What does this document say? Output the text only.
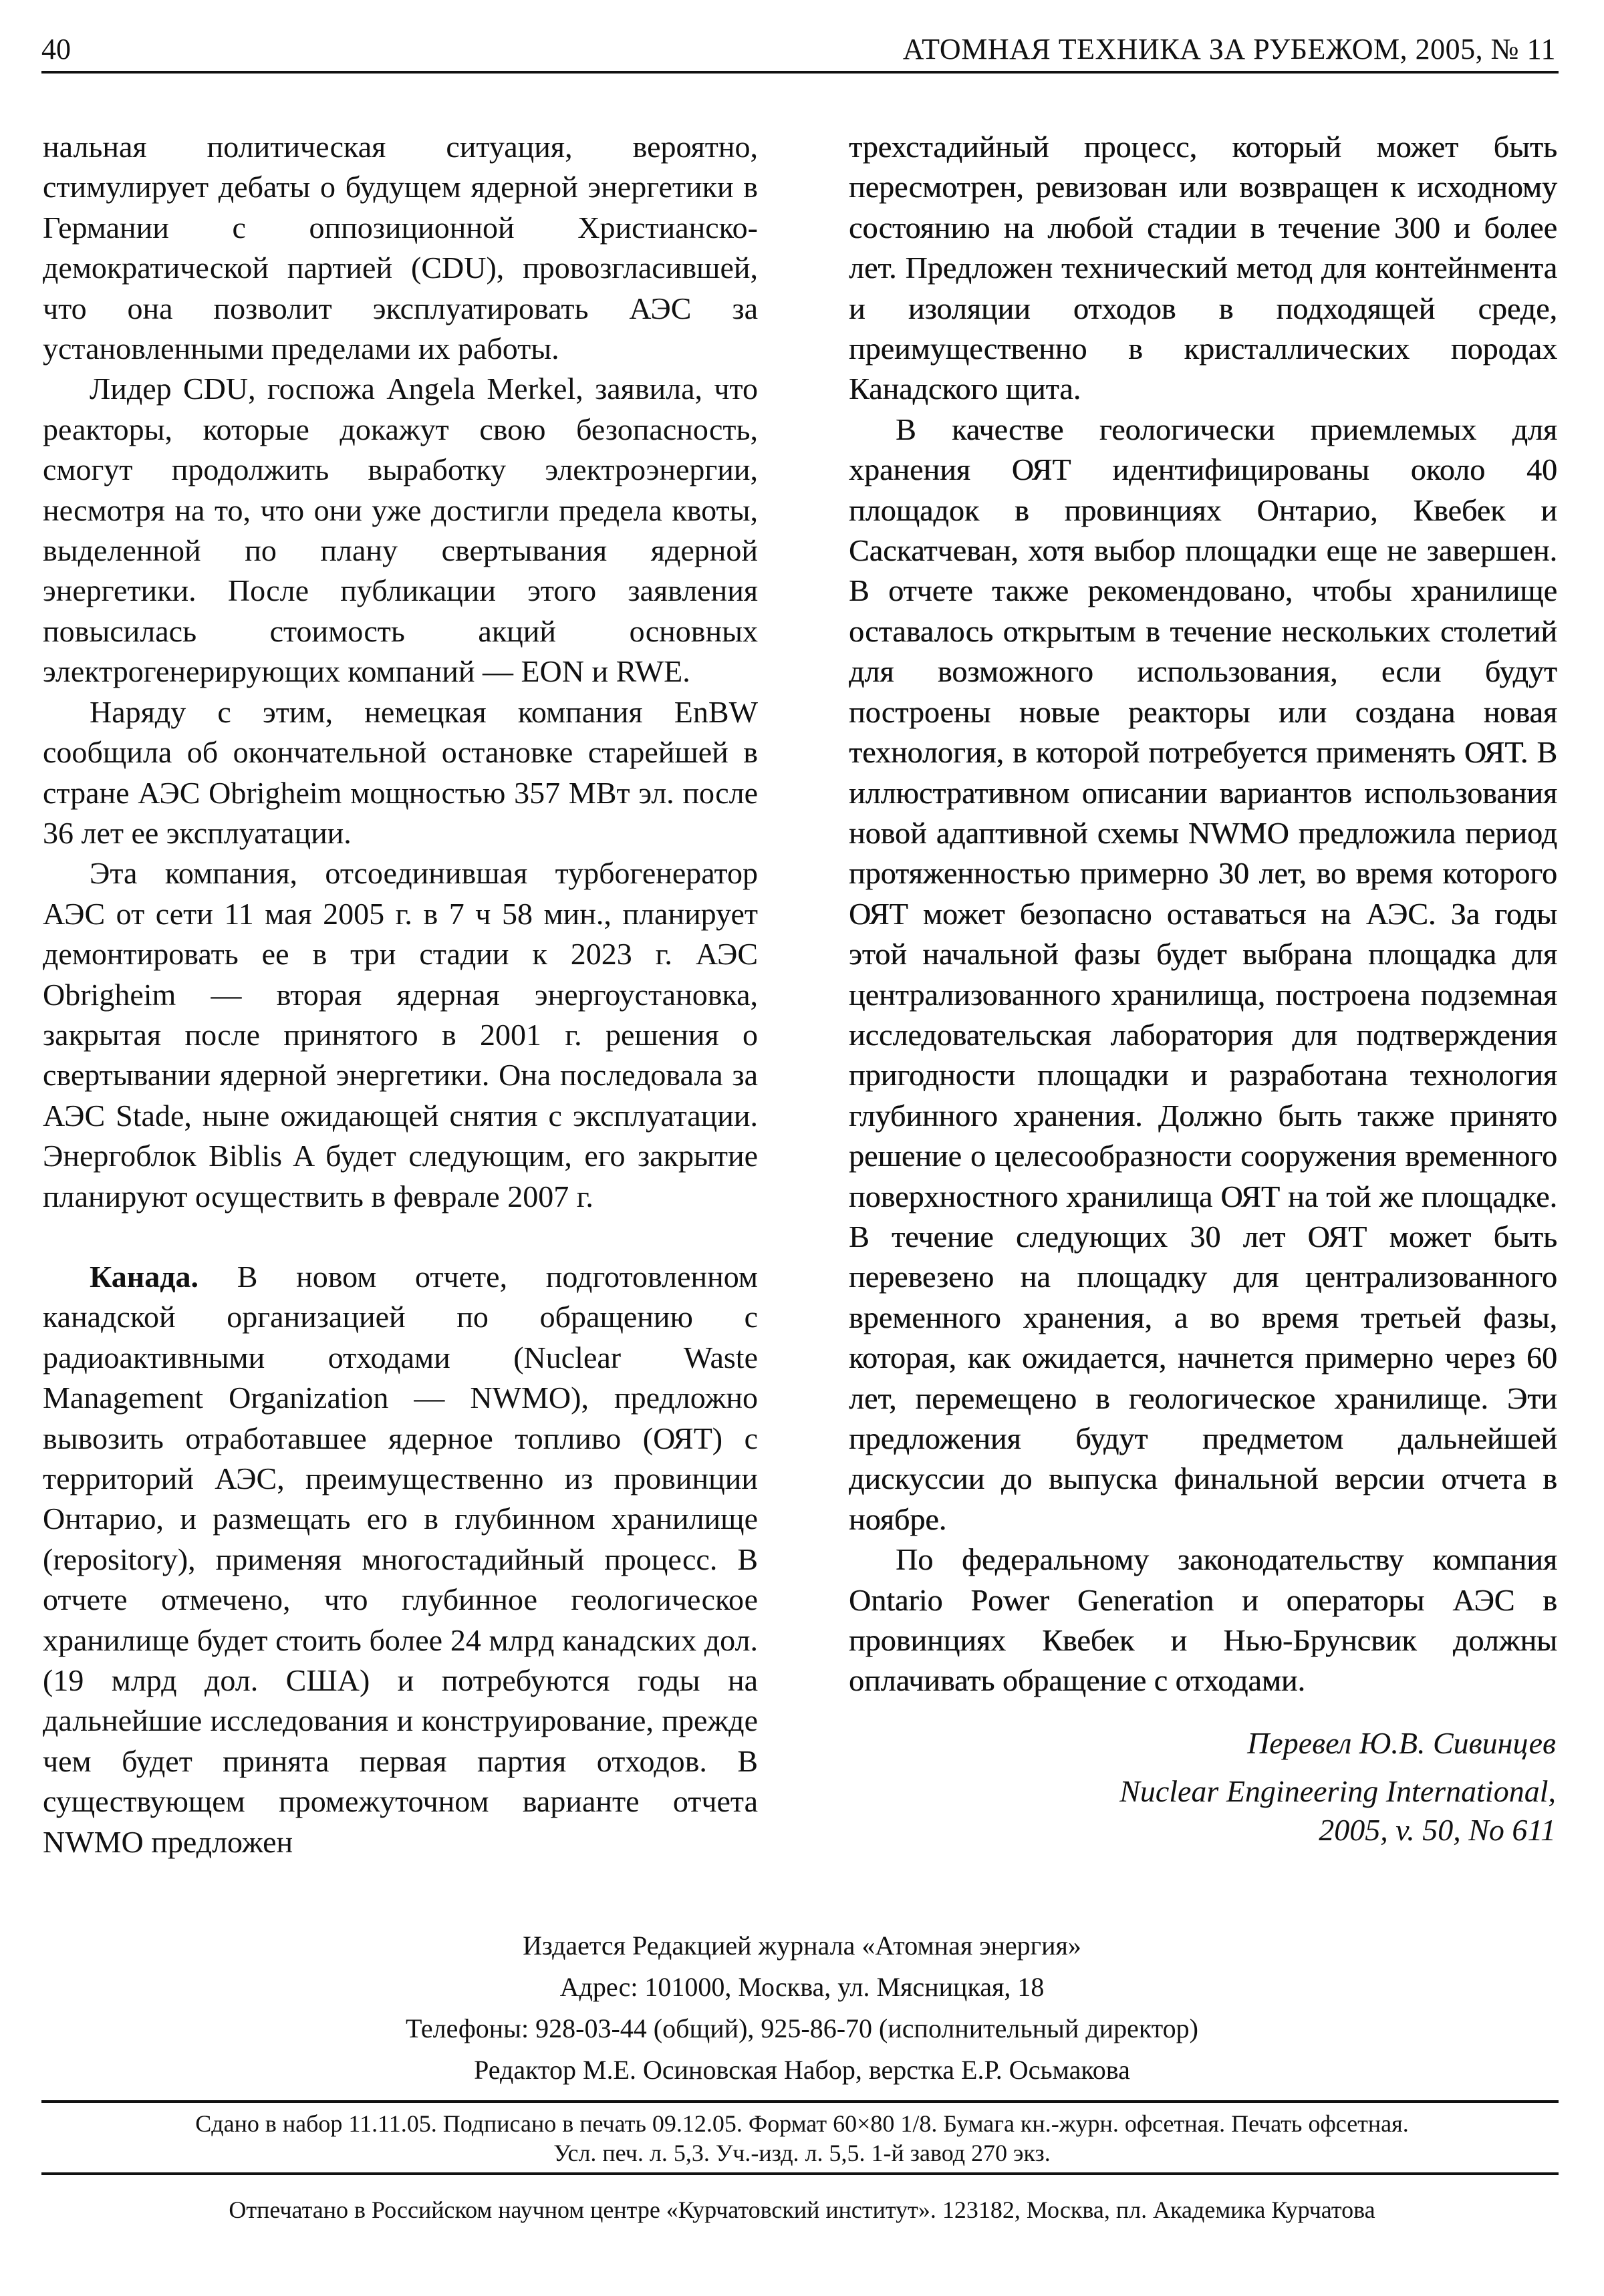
40	АТОМНАЯ ТЕХНИКА ЗА РУБЕЖОМ, 2005, № 11

нальная политическая ситуация, вероятно, стимулирует дебаты о будущем ядерной энергетики в Германии с оппозиционной Христианско-демократической партией (CDU), провозгласившей, что она позволит эксплуатировать АЭС за установленными пределами их работы.

Лидер CDU, госпожа Angela Merkel, заявила, что реакторы, которые докажут свою безопасность, смогут продолжить выработку электроэнергии, несмотря на то, что они уже достигли предела квоты, выделенной по плану свертывания ядерной энергетики. После публикации этого заявления повысилась стоимость акций основных электрогенерирующих компаний — EON и RWE.

Наряду с этим, немецкая компания EnBW сообщила об окончательной остановке старейшей в стране АЭС Obrigheim мощностью 357 МВт эл. после 36 лет ее эксплуатации.

Эта компания, отсоединившая турбогенератор АЭС от сети 11 мая 2005 г. в 7 ч 58 мин., планирует демонтировать ее в три стадии к 2023 г. АЭС Obrigheim — вторая ядерная энергоустановка, закрытая после принятого в 2001 г. решения о свертывании ядерной энергетики. Она последовала за АЭС Stade, ныне ожидающей снятия с эксплуатации. Энергоблок Biblis A будет следующим, его закрытие планируют осуществить в феврале 2007 г.

Канада. В новом отчете, подготовленном канадской организацией по обращению с радиоактивными отходами (Nuclear Waste Management Organization — NWMO), предложно вывозить отработавшее ядерное топливо (ОЯТ) с территорий АЭС, преимущественно из провинции Онтарио, и размещать его в глубинном хранилище (repository), применяя многостадийный процесс. В отчете отмечено, что глубинное геологическое хранилище будет стоить более 24 млрд канадских дол. (19 млрд дол. США) и потребуются годы на дальнейшие исследования и конструирование, прежде чем будет принята первая партия отходов. В существующем промежуточном варианте отчета NWMO предложен

трехстадийный процесс, который может быть пересмотрен, ревизован или возвращен к исходному состоянию на любой стадии в течение 300 и более лет. Предложен технический метод для контейнмента и изоляции отходов в подходящей среде, преимущественно в кристаллических породах Канадского щита.

В качестве геологически приемлемых для хранения ОЯТ идентифицированы около 40 площадок в провинциях Онтарио, Квебек и Саскатчеван, хотя выбор площадки еще не завершен. В отчете также рекомендовано, чтобы хранилище оставалось открытым в течение нескольких столетий для возможного использования, если будут построены новые реакторы или создана новая технология, в которой потребуется применять ОЯТ. В иллюстративном описании вариантов использования новой адаптивной схемы NWMO предложила период протяженностью примерно 30 лет, во время которого ОЯТ может безопасно оставаться на АЭС. За годы этой начальной фазы будет выбрана площадка для централизованного хранилища, построена подземная исследовательская лаборатория для подтверждения пригодности площадки и разработана технология глубинного хранения. Должно быть также принято решение о целесообразности сооружения временного поверхностного хранилища ОЯТ на той же площадке. В течение следующих 30 лет ОЯТ может быть перевезено на площадку для централизованного временного хранения, а во время третьей фазы, которая, как ожидается, начнется примерно через 60 лет, перемещено в геологическое хранилище. Эти предложения будут предметом дальнейшей дискуссии до выпуска финальной версии отчета в ноябре.

По федеральному законодательству компания Ontario Power Generation и операторы АЭС в провинциях Квебек и Нью-Брунсвик должны оплачивать обращение с отходами.

Перевел Ю.В. Сивинцев
Nuclear Engineering International,
2005, v. 50, No 611
Издается Редакцией журнала «Атомная энергия»
Адрес: 101000, Москва, ул. Мясницкая, 18
Телефоны: 928-03-44 (общий), 925-86-70 (исполнительный директор)
Редактор М.Е. Осиновская Набор, верстка Е.Р. Осьмакова
Сдано в набор 11.11.05. Подписано в печать 09.12.05. Формат 60×80 1/8. Бумага кн.-журн. офсетная. Печать офсетная.
Усл. печ. л. 5,3. Уч.-изд. л. 5,5. 1-й завод 270 экз.
Отпечатано в Российском научном центре «Курчатовский институт». 123182, Москва, пл. Академика Курчатова
